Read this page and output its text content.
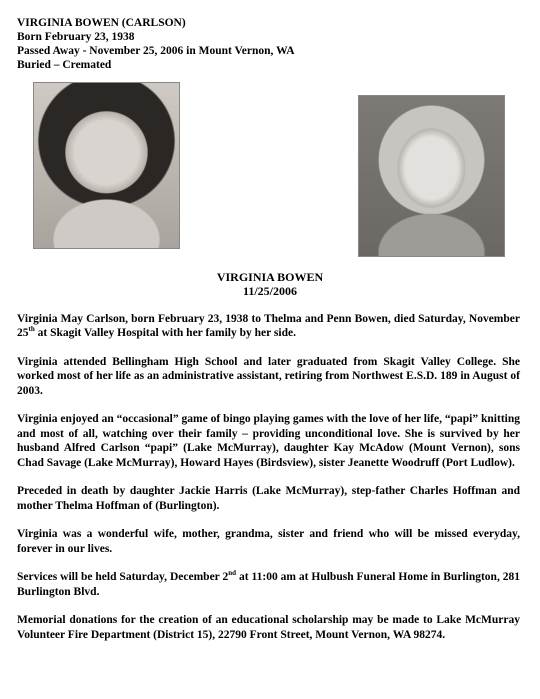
VIRGINIA BOWEN (CARLSON)
Born February 23, 1938
Passed Away - November 25, 2006 in Mount Vernon, WA
Buried – Cremated
VIRGINIA BOWEN
11/25/2006

Virginia May Carlson, born February 23, 1938 to Thelma and Penn Bowen, died Saturday, November 25th at Skagit Valley Hospital with her family by her side.

Virginia attended Bellingham High School and later graduated from Skagit Valley College. She worked most of her life as an administrative assistant, retiring from Northwest E.S.D. 189 in August of 2003.

Virginia enjoyed an “occasional” game of bingo playing games with the love of her life, “papi” knitting and most of all, watching over their family – providing unconditional love. She is survived by her husband Alfred Carlson “papi” (Lake McMurray), daughter Kay McAdow (Mount Vernon), sons Chad Savage (Lake McMurray), Howard Hayes (Birdsview), sister Jeanette Woodruff (Port Ludlow).

Preceded in death by daughter Jackie Harris (Lake McMurray), step-father Charles Hoffman and mother Thelma Hoffman of (Burlington).

Virginia was a wonderful wife, mother, grandma, sister and friend who will be missed everyday, forever in our lives.

Services will be held Saturday, December 2nd at 11:00 am at Hulbush Funeral Home in Burlington, 281 Burlington Blvd.

Memorial donations for the creation of an educational scholarship may be made to Lake McMurray Volunteer Fire Department (District 15), 22790 Front Street, Mount Vernon, WA 98274.
